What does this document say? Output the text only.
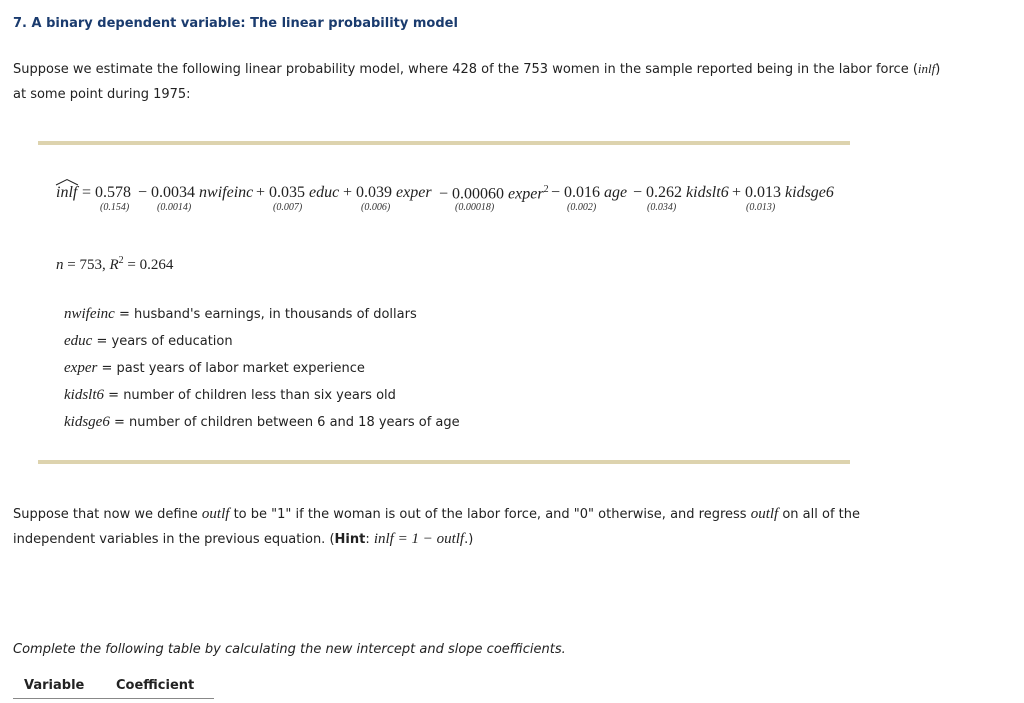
7. A binary dependent variable: The linear probability model

Suppose we estimate the following linear probability model, where 428 of the 753 women in the sample reported being in the labor force (inlf) at some point during 1975:

inlf = 0.578
(0.154)
− 0.0034 nwifeinc
(0.0014)
+ 0.035 educ
(0.007)
+ 0.039 exper
(0.006)
− 0.00060 exper$^2$
(0.00018)
− 0.016 age
(0.002)
− 0.262 kidslt6
(0.034)
+ 0.013 kidsge6
(0.013)
n = 753, $R^2 = 0.264$
nwifeinc = husband's earnings, in thousands of dollars
educ = years of education
exper = past years of labor market experience
kidslt6 = number of children less than six years old
kidsge6 = number of children between 6 and 18 years of age

Suppose that now we define outlf to be "1" if the woman is out of the labor force, and "0" otherwise, and regress outlf on all of the independent variables in the previous equation. (Hint: inlf = 1 − outlf.)

Complete the following table by calculating the new intercept and slope coefficients.

Variable Coefficient
